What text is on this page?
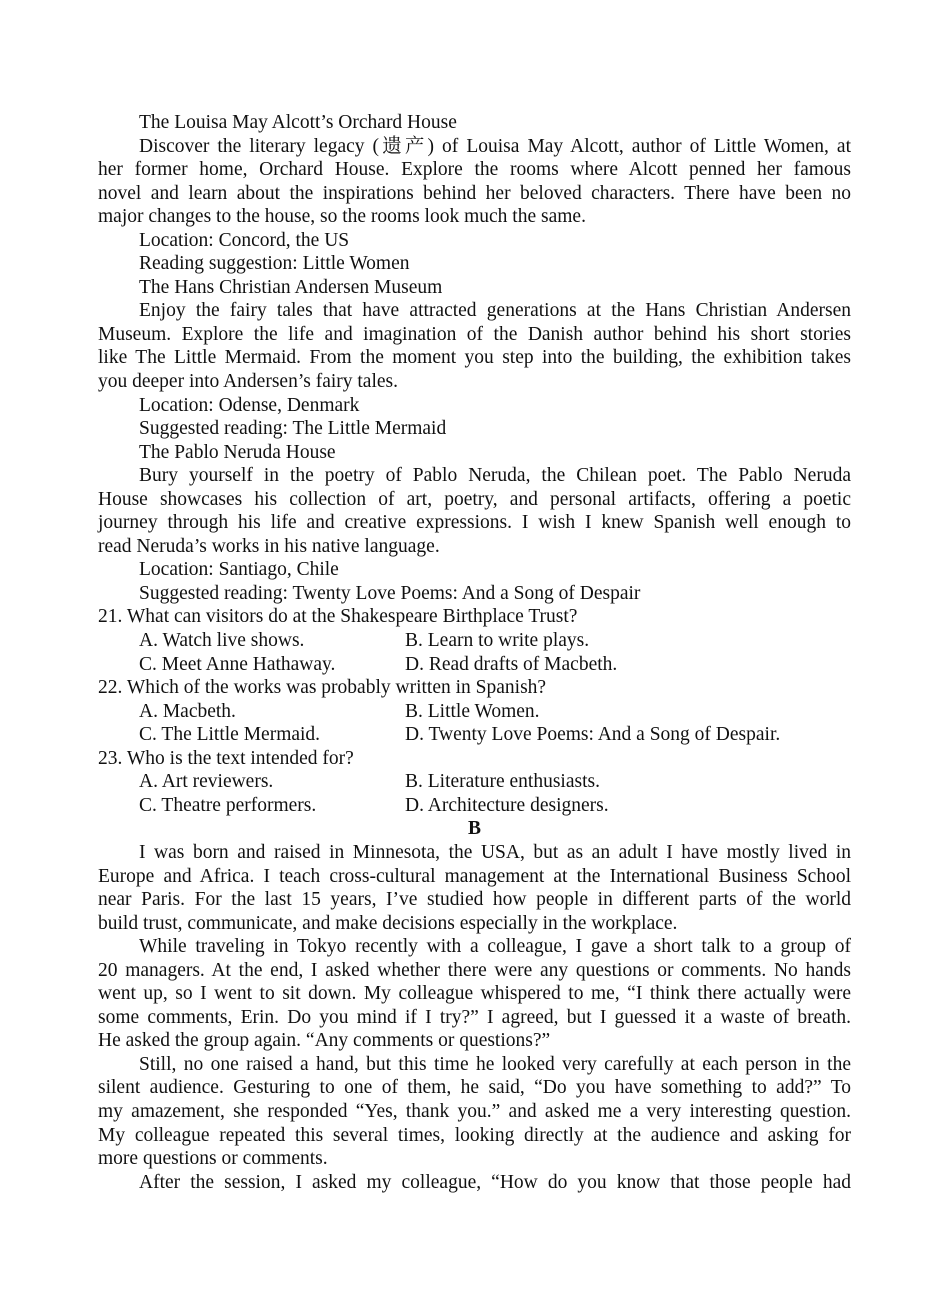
The Louisa May Alcott’s Orchard House
Discover the literary legacy (遗产) of Louisa May Alcott, author of Little Women, at
her former home, Orchard House. Explore the rooms where Alcott penned her famous
novel and learn about the inspirations behind her beloved characters. There have been no
major changes to the house, so the rooms look much the same.
Location: Concord, the US
Reading suggestion: Little Women
The Hans Christian Andersen Museum
Enjoy the fairy tales that have attracted generations at the Hans Christian Andersen
Museum. Explore the life and imagination of the Danish author behind his short stories
like The Little Mermaid. From the moment you step into the building, the exhibition takes
you deeper into Andersen’s fairy tales.
Location: Odense, Denmark
Suggested reading: The Little Mermaid
The Pablo Neruda House
Bury yourself in the poetry of Pablo Neruda, the Chilean poet. The Pablo Neruda
House showcases his collection of art, poetry, and personal artifacts, offering a poetic
journey through his life and creative expressions. I wish I knew Spanish well enough to
read Neruda’s works in his native language.
Location: Santiago, Chile
Suggested reading: Twenty Love Poems: And a Song of Despair
21. What can visitors do at the Shakespeare Birthplace Trust?
A. Watch live shows.	B. Learn to write plays.
C. Meet Anne Hathaway.	D. Read drafts of Macbeth.
22. Which of the works was probably written in Spanish?
A. Macbeth.	B. Little Women.
C. The Little Mermaid.	D. Twenty Love Poems: And a Song of Despair.
23. Who is the text intended for?
A. Art reviewers.	B. Literature enthusiasts.
C. Theatre performers.	D. Architecture designers.
B
I was born and raised in Minnesota, the USA, but as an adult I have mostly lived in
Europe and Africa. I teach cross-cultural management at the International Business School
near Paris. For the last 15 years, I’ve studied how people in different parts of the world
build trust, communicate, and make decisions especially in the workplace.
While traveling in Tokyo recently with a colleague, I gave a short talk to a group of
20 managers. At the end, I asked whether there were any questions or comments. No hands
went up, so I went to sit down. My colleague whispered to me, “I think there actually were
some comments, Erin. Do you mind if I try?” I agreed, but I guessed it a waste of breath.
He asked the group again. “Any comments or questions?”
Still, no one raised a hand, but this time he looked very carefully at each person in the
silent audience. Gesturing to one of them, he said, “Do you have something to add?” To
my amazement, she responded “Yes, thank you.” and asked me a very interesting question.
My colleague repeated this several times, looking directly at the audience and asking for
more questions or comments.
After the session, I asked my colleague, “How do you know that those people had
